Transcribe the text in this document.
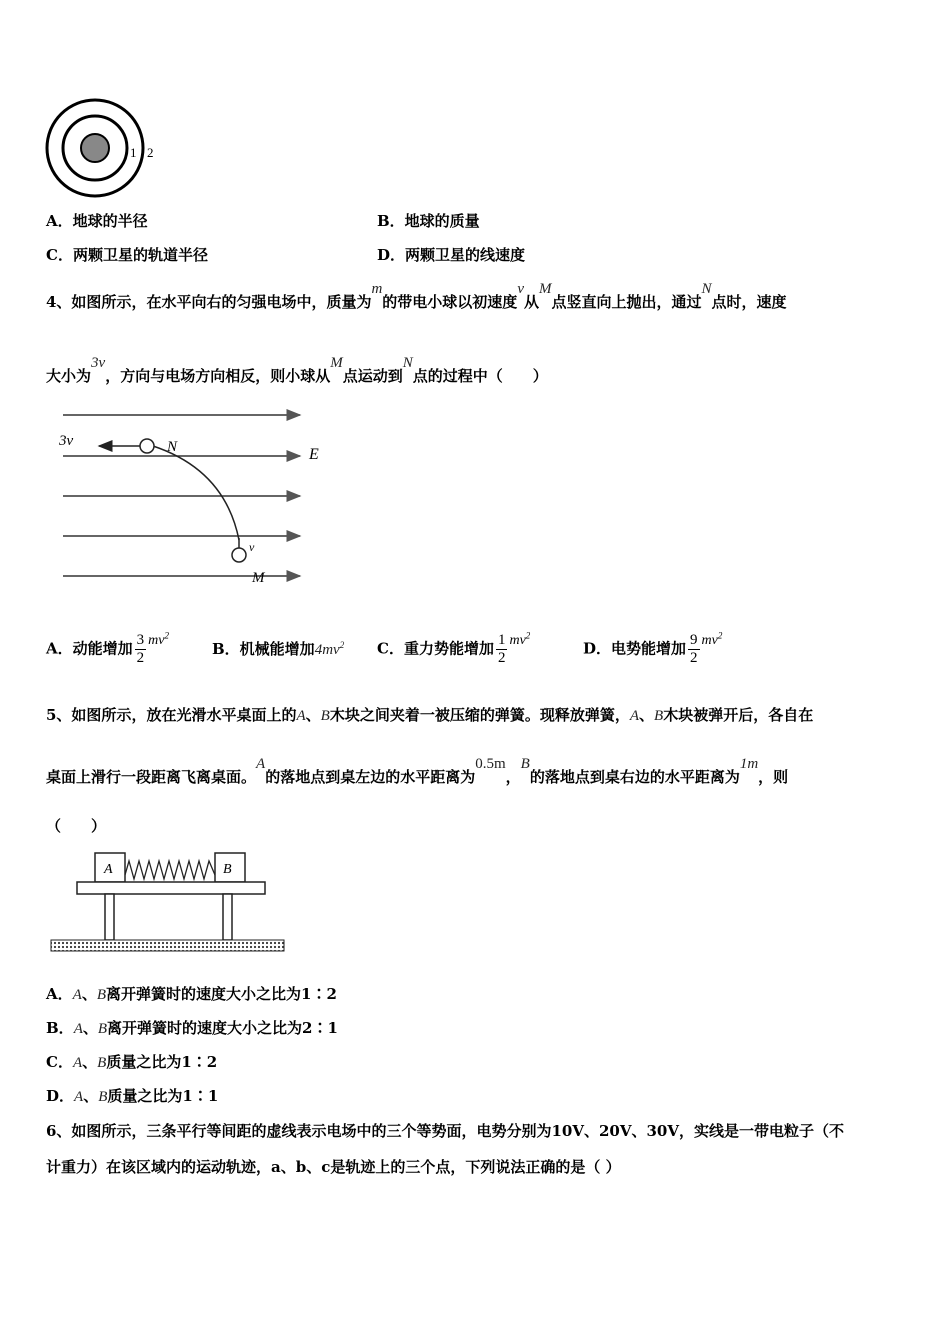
1 2
A．地球的半径	B．地球的质量
C．两颗卫星的轨道半径	D．两颗卫星的线速度
4、如图所示，在水平向右的匀强电场中，质量为m的带电小球以初速度v从M点竖直向上抛出，通过N点时，速度
大小为3v，方向与电场方向相反，则小球从M点运动到N点的过程中（　　）
3v	N	E
v
M
A．动能增加 $\frac{3}{2} mv^2$
B．机械能增加$4mv^2$ C．重力势能增加 $\frac{1}{2} mv^2$
D．电势能增加 $\frac{9}{2} mv^2$
5、如图所示，放在光滑水平桌面上的A、B木块之间夹着一被压缩的弹簧。现释放弹簧，A、B木块被弹开后，各自在
桌面上滑行一段距离飞离桌面。A的落地点到桌左边的水平距离为0.5m，B的落地点到桌右边的水平距离为1m，则
（　　）
A	B
A．A、B离开弹簧时的速度大小之比为1∶2
B．A、B离开弹簧时的速度大小之比为2∶1
C．A、B质量之比为1∶2
D．A、B质量之比为1∶1
6、如图所示，三条平行等间距的虚线表示电场中的三个等势面，电势分别为10V、20V、30V，实线是一带电粒子（不
计重力）在该区域内的运动轨迹，a、b、c是轨迹上的三个点，下列说法正确的是（ ）
